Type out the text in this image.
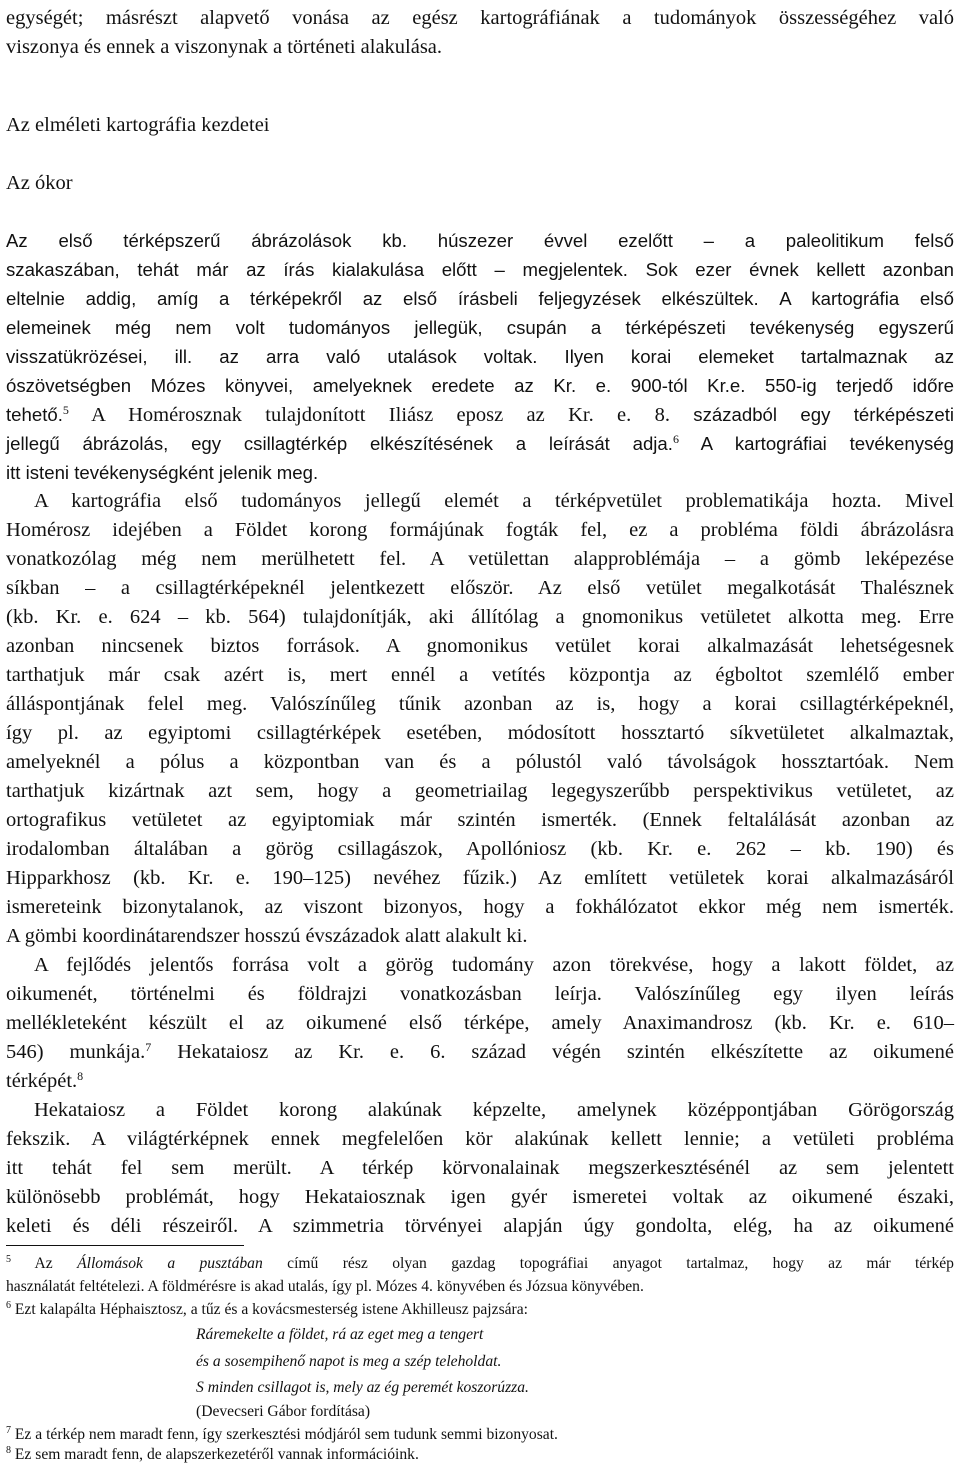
egységét; másrészt alapvető vonása az egész kartográfiának a tudományok összességéhez való
viszonya és ennek a viszonynak a történeti alakulása.
Az elméleti kartográfia kezdetei
Az ókor
Az első térképszerű ábrázolások kb. húszezer évvel ezelőtt – a paleolitikum felső
szakaszában, tehát már az írás kialakulása előtt – megjelentek. Sok ezer évnek kellett azonban
eltelnie addig, amíg a térképekről az első írásbeli feljegyzések elkészültek. A kartográfia első
elemeinek még nem volt tudományos jellegük, csupán a térképészeti tevékenység egyszerű
visszatükrözései, ill. az arra való utalások voltak. Ilyen korai elemeket tartalmaznak az
ószövetségben Mózes könyvei, amelyeknek eredete az Kr. e. 900-tól Kr.e. 550-ig terjedő időre
tehető.$^5$ A Homérosznak tulajdonított Iliász eposz az Kr. e. 8. századból egy térképészeti
jellegű ábrázolás, egy csillagtérkép elkészítésének a leírását adja.$^6$ A kartográfiai tevékenység
itt isteni tevékenységként jelenik meg.
A kartográfia első tudományos jellegű elemét a térképvetület problematikája hozta. Mivel
Homérosz idejében a Földet korong formájúnak fogták fel, ez a probléma földi ábrázolásra
vonatkozólag még nem merülhetett fel. A vetülettan alapproblémája – a gömb leképezése
síkban – a csillagtérképeknél jelentkezett először. Az első vetület megalkotását Thalésznek
(kb. Kr. e. 624 – kb. 564) tulajdonítják, aki állítólag a gnomonikus vetületet alkotta meg. Erre
azonban nincsenek biztos források. A gnomonikus vetület korai alkalmazását lehetségesnek
tarthatjuk már csak azért is, mert ennél a vetítés központja az égboltot szemlélő ember
álláspontjának felel meg. Valószínűleg tűnik azonban az is, hogy a korai csillagtérképeknél,
így pl. az egyiptomi csillagtérképek esetében, módosított hossztartó síkvetületet alkalmaztak,
amelyeknél a pólus a központban van és a pólustól való távolságok hossztartóak. Nem
tarthatjuk kizártnak azt sem, hogy a geometriailag legegyszerűbb perspektivikus vetületet, az
ortografikus vetületet az egyiptomiak már szintén ismerték. (Ennek feltalálását azonban az
irodalomban általában a görög csillagászok, Apollóniosz (kb. Kr. e. 262 – kb. 190) és
Hipparkhosz (kb. Kr. e. 190–125) nevéhez fűzik.) Az említett vetületek korai alkalmazásáról
ismereteink bizonytalanok, az viszont bizonyos, hogy a fokhálózatot ekkor még nem ismerték.
A gömbi koordinátarendszer hosszú évszázadok alatt alakult ki.
A fejlődés jelentős forrása volt a görög tudomány azon törekvése, hogy a lakott földet, az
oikumenét, történelmi és földrajzi vonatkozásban leírja. Valószínűleg egy ilyen leírás
mellékleteként készült el az oikumené első térképe, amely Anaximandrosz (kb. Kr. e. 610–
546) munkája.$^7$ Hekataiosz az Kr. e. 6. század végén szintén elkészítette az oikumené
térképét.$^8$
Hekataiosz a Földet korong alakúnak képzelte, amelynek középpontjában Görögország
fekszik. A világtérképnek ennek megfelelően kör alakúnak kellett lennie; a vetületi probléma
itt tehát fel sem merült. A térkép körvonalainak megszerkesztésénél az sem jelentett
különösebb problémát, hogy Hekataiosznak igen gyér ismeretei voltak az oikumené északi,
keleti és déli részeiről. A szimmetria törvényei alapján úgy gondolta, elég, ha az oikumené
$^5$ Az Állomások a pusztában című rész olyan gazdag topográfiai anyagot tartalmaz, hogy az már térkép
használatát feltételezi. A földmérésre is akad utalás, így pl. Mózes 4. könyvében és Józsua könyvében.
$^6$ Ezt kalapálta Héphaisztosz, a tűz és a kovácsmesterség istene Akhilleusz pajzsára:
Ráremekelte a földet, rá az eget meg a tengert
és a sosempihenő napot is meg a szép teleholdat.
S minden csillagot is, mely az ég peremét koszorúzza.
(Devecseri Gábor fordítása)
$^7$ Ez a térkép nem maradt fenn, így szerkesztési módjáról sem tudunk semmi bizonyosat.
$^8$ Ez sem maradt fenn, de alapszerkezetéről vannak információink.
